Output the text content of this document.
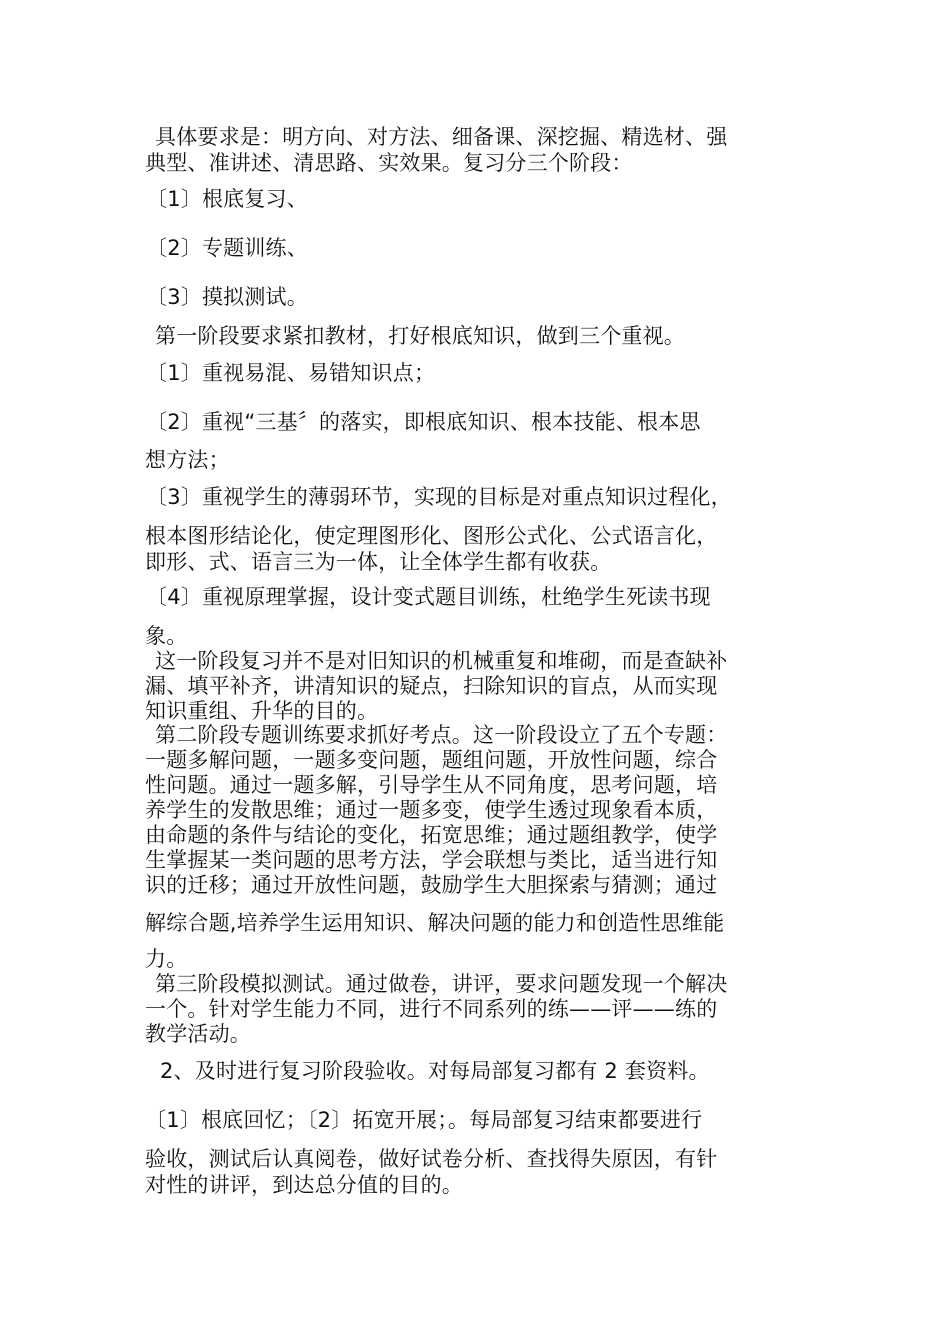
具体要求是：明方向、对方法、细备课、深挖掘、精选材、强
典型、准讲述、清思路、实效果。复习分三个阶段：
〔1〕根底复习、
〔2〕专题训练、
〔3〕摸拟测试。
第一阶段要求紧扣教材，打好根底知识，做到三个重视。
〔1〕重视易混、易错知识点；
〔2〕重视“三基〞的落实，即根底知识、根本技能、根本思
想方法；
〔3〕重视学生的薄弱环节，实现的目标是对重点知识过程化，
根本图形结论化，使定理图形化、图形公式化、公式语言化，
即形、式、语言三为一体，让全体学生都有收获。
〔4〕重视原理掌握，设计变式题目训练，杜绝学生死读书现
象。
这一阶段复习并不是对旧知识的机械重复和堆砌，而是查缺补
漏、填平补齐，讲清知识的疑点，扫除知识的盲点，从而实现
知识重组、升华的目的。
第二阶段专题训练要求抓好考点。这一阶段设立了五个专题：
一题多解问题，一题多变问题，题组问题，开放性问题，综合
性问题。通过一题多解，引导学生从不同角度，思考问题，培
养学生的发散思维；通过一题多变，使学生透过现象看本质，
由命题的条件与结论的变化，拓宽思维；通过题组教学，使学
生掌握某一类问题的思考方法，学会联想与类比，适当进行知
识的迁移；通过开放性问题，鼓励学生大胆探索与猜测；通过
解综合题,培养学生运用知识、解决问题的能力和创造性思维能
力。
第三阶段模拟测试。通过做卷，讲评，要求问题发现一个解决
一个。针对学生能力不同，进行不同系列的练——评——练的
教学活动。
2、及时进行复习阶段验收。对每局部复习都有 2 套资料。
〔1〕根底回忆；〔2〕拓宽开展；。每局部复习结束都要进行
验收，测试后认真阅卷，做好试卷分析、查找得失原因，有针
对性的讲评，到达总分值的目的。
